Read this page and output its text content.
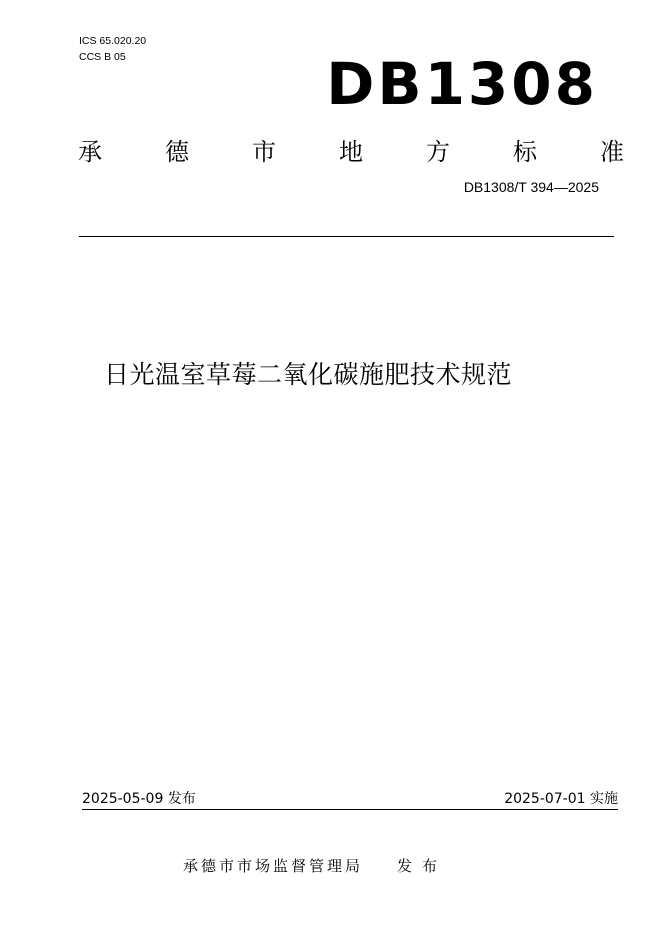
ICS 65.020.20
CCS B 05	DB1308
承	德	市	地	方	标	准
DB1308/T 394—2025
日光温室草莓二氧化碳施肥技术规范
2025-05-09 发布	2025-07-01 实施
承德市市场监督管理局 发布
